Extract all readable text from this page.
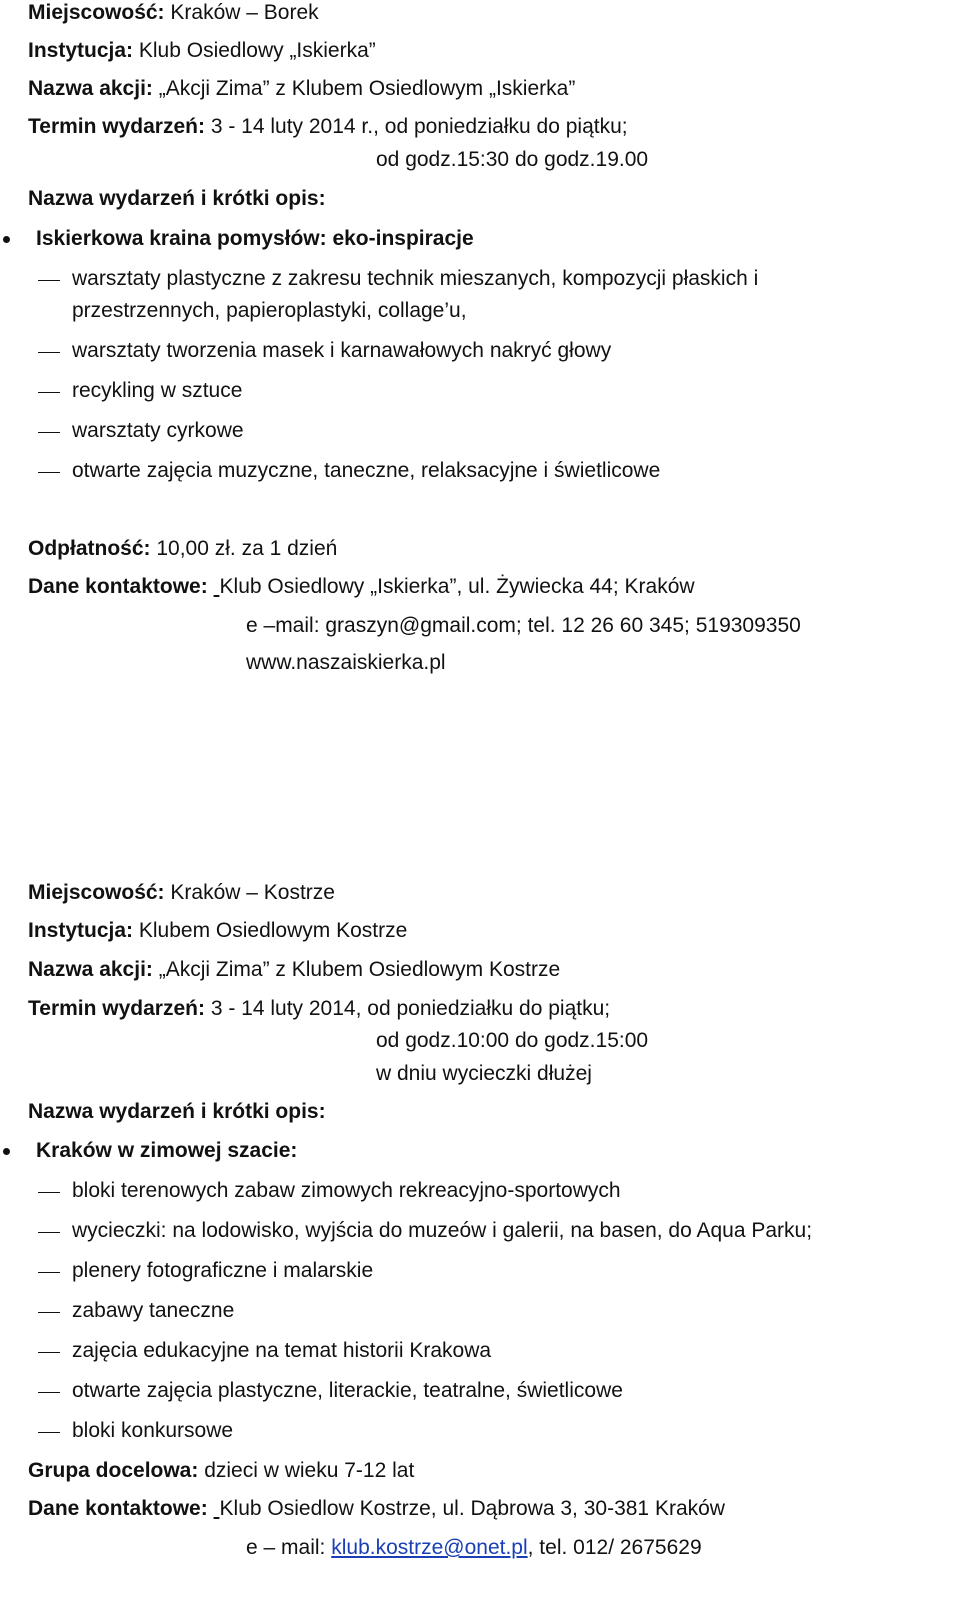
Miejscowość: Kraków – Borek
Instytucja: Klub Osiedlowy „Iskierka”
Nazwa akcji: „Akcji Zima” z Klubem Osiedlowym „Iskierka”
Termin wydarzeń: 3 - 14 luty 2014 r., od poniedziałku do piątku;
od godz.15:30 do godz.19.00
Nazwa wydarzeń i krótki opis:
Iskierkowa kraina pomysłów: eko-inspiracje
warsztaty plastyczne z zakresu technik mieszanych, kompozycji płaskich i
przestrzennych, papieroplastyki, collage’u,
warsztaty tworzenia masek i karnawałowych nakryć głowy
recykling w sztuce
warsztaty cyrkowe
otwarte zajęcia muzyczne, taneczne, relaksacyjne i świetlicowe
Odpłatność: 10,00 zł. za 1 dzień
Dane kontaktowe: Klub Osiedlowy „Iskierka”, ul. Żywiecka 44; Kraków
e –mail: graszyn@gmail.com; tel. 12 26 60 345; 519309350
www.naszaiskierka.pl
Miejscowość: Kraków – Kostrze
Instytucja: Klubem Osiedlowym Kostrze
Nazwa akcji: „Akcji Zima” z Klubem Osiedlowym Kostrze
Termin wydarzeń: 3 - 14 luty 2014, od poniedziałku do piątku;
od godz.10:00 do godz.15:00
w dniu wycieczki dłużej
Nazwa wydarzeń i krótki opis:
Kraków w zimowej szacie:
bloki terenowych zabaw zimowych rekreacyjno-sportowych
wycieczki: na lodowisko, wyjścia do muzeów i galerii, na basen, do Aqua Parku;
plenery fotograficzne i malarskie
zabawy taneczne
zajęcia edukacyjne na temat historii Krakowa
otwarte zajęcia plastyczne, literackie, teatralne, świetlicowe
bloki konkursowe
Grupa docelowa: dzieci w wieku 7-12 lat
Dane kontaktowe: Klub Osiedlow Kostrze, ul. Dąbrowa 3, 30-381 Kraków
e – mail: klub.kostrze@onet.pl, tel. 012/ 2675629
